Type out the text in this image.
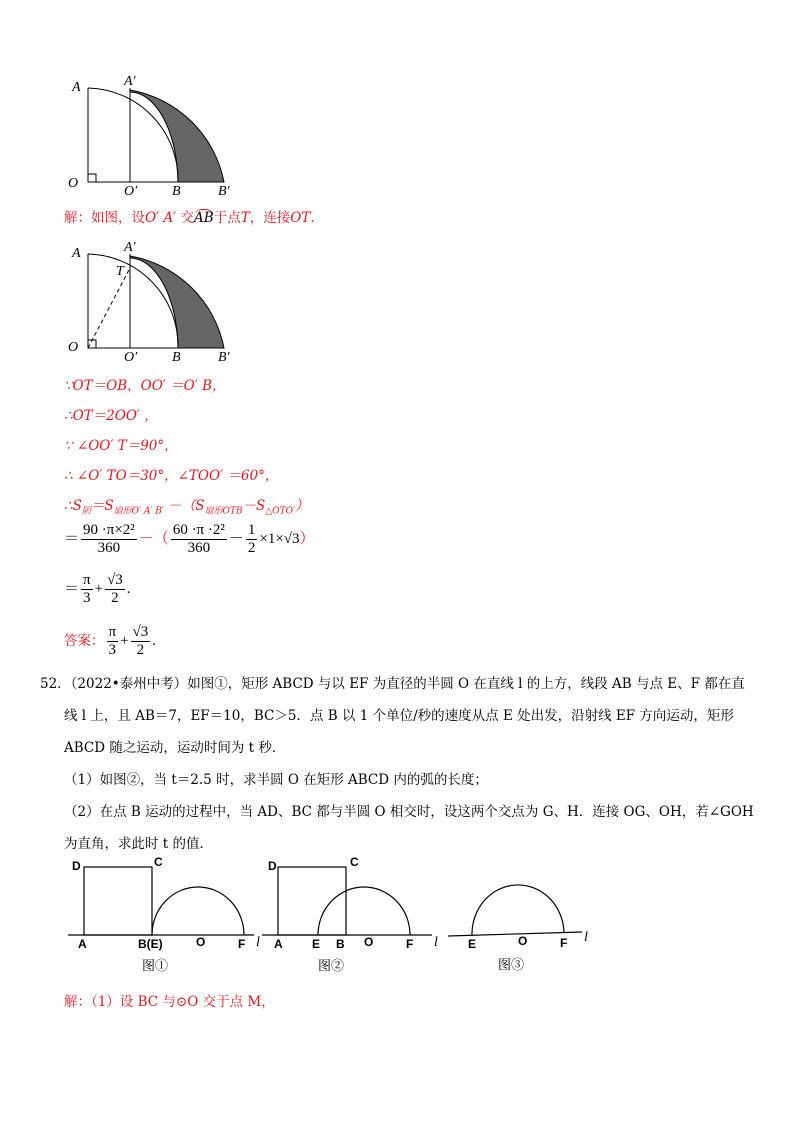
A	A′
O
O′ B	B′
解：如图，设O′ A′ 交AB于点T，连接OT.
A	A′
T
O
O′ B	B′
∵OT＝OB，OO′ ＝O′ B，
∴OT＝2OO′ ，
∵ ∠OO′ T＝90°，
∴ ∠O′ TO＝30°，∠TOO′ ＝60°，
$\therefore S_阴=S_{扇形O' A' B'} -(S_{扇形OTB}-S_{\triangle OTO'})$
＝ $\frac{\text{90 ·π×2²}}{360}$ －（ $\frac{\text{60 ·π ·2²}}{360} - \frac{1}{2} \times 1\times√3$）
＝ $\frac{\pi}{3} + \frac{√3}{2}$ .
答案： $\frac{\pi}{3} + \frac{√3}{2}$ .
52．（2022•泰州中考）如图①，矩形 ABCD 与以 EF 为直径的半圆 O 在直线 l 的上方，线段 AB 与点 E、F 都在直
线 l 上，且 AB＝7，EF＝10，BC＞5．点 B 以 1 个单位/秒的速度从点 E 处出发，沿射线 EF 方向运动，矩形
ABCD 随之运动，运动时间为 t 秒．
（1）如图②，当 t＝2.5 时，求半圆 O 在矩形 ABCD 内的弧的长度；
（2）在点 B 运动的过程中，当 AD、BC 都与半圆 O 相交时，设这两个交点为 G、H．连接 OG、OH，若∠GOH
为直角，求此时 t 的值．
D	C
A	B(E)	O	F l
图①
D	C
A E B O	F l
图②
E	O	F l
图③
解：（1）设 BC 与⊙O 交于点 M，
